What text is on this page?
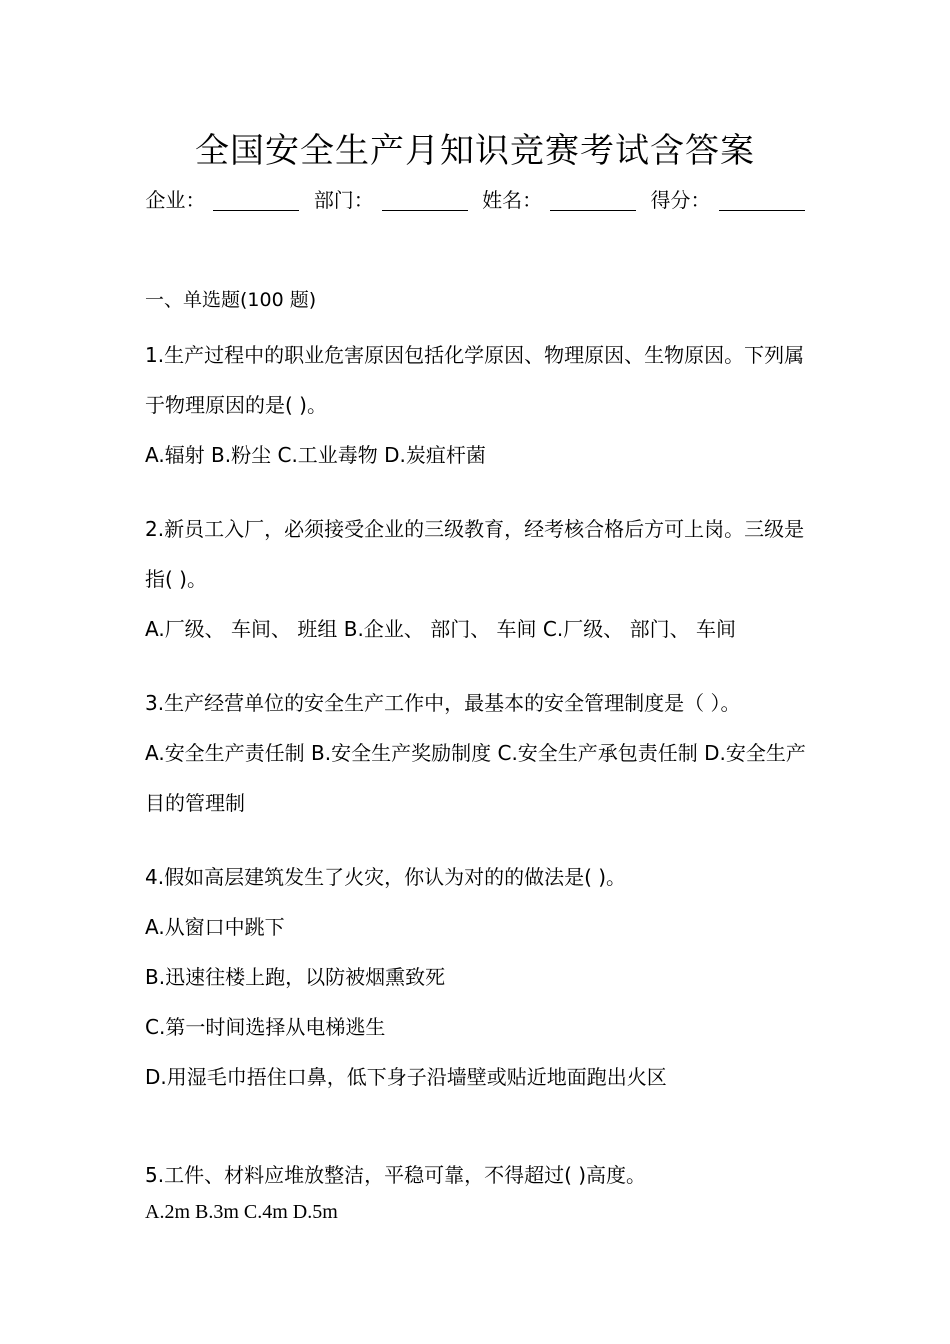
全国安全生产月知识竞赛考试含答案
企业：	部门：	姓名：	得分：
一、单选题(100 题)

1.生产过程中的职业危害原因包括化学原因、物理原因、生物原因。下列属于物理原因的是( )。

A.辐射 B.粉尘 C.工业毒物 D.炭疽杆菌

2.新员工入厂，必须接受企业的三级教育，经考核合格后方可上岗。三级是指( )。

A.厂级、 车间、 班组 B.企业、 部门、 车间 C.厂级、 部门、 车间

3.生产经营单位的安全生产工作中，最基本的安全管理制度是（ ）。

A.安全生产责任制 B.安全生产奖励制度 C.安全生产承包责任制 D.安全生产目的管理制

4.假如高层建筑发生了火灾，你认为对的的做法是( )。

A.从窗口中跳下

B.迅速往楼上跑，以防被烟熏致死

C.第一时间选择从电梯逃生

D.用湿毛巾捂住口鼻，低下身子沿墙壁或贴近地面跑出火区

5.工件、材料应堆放整洁，平稳可靠，不得超过( )高度。

A.2m B.3m C.4m D.5m
